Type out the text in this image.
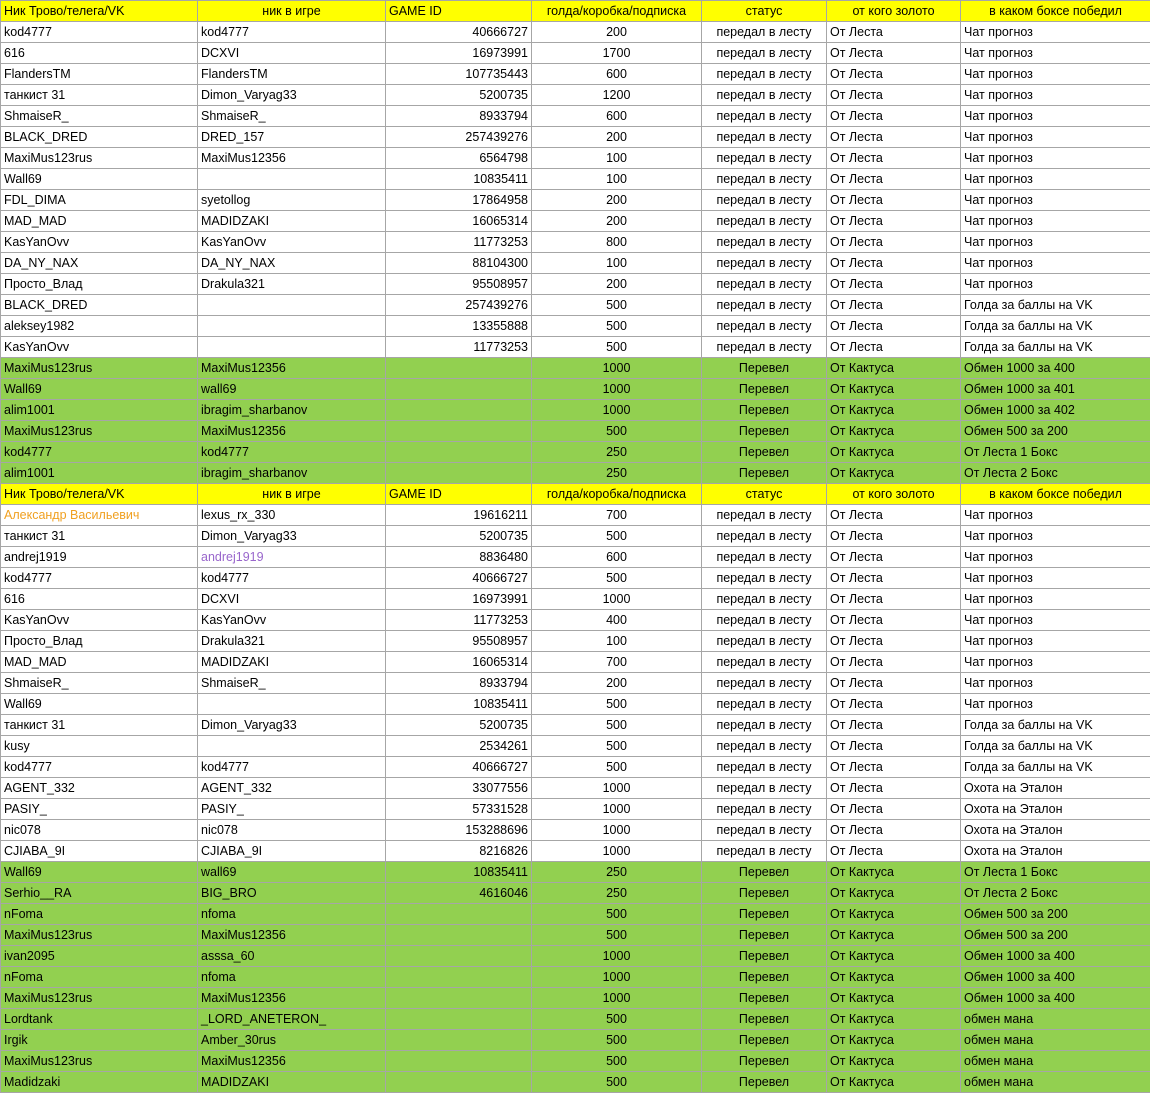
Ник Трово/телега/VK	ник в игре	GAME ID	голда/коробка/подписка	статус	от кого золото	в каком боксе победил
kod4777	kod4777	40666727	200	передал в лесту	От Леста	Чат прогноз
616	DCXVI	16973991	1700	передал в лесту	От Леста	Чат прогноз
FlandersTM	FlandersTM	107735443	600	передал в лесту	От Леста	Чат прогноз
танкист 31	Dimon_Varyag33	5200735	1200	передал в лесту	От Леста	Чат прогноз
ShmaiseR_	ShmaiseR_	8933794	600	передал в лесту	От Леста	Чат прогноз
BLACK_DRED	DRED_157	257439276	200	передал в лесту	От Леста	Чат прогноз
MaxiMus123rus	MaxiMus12356	6564798	100	передал в лесту	От Леста	Чат прогноз
Wall69		10835411	100	передал в лесту	От Леста	Чат прогноз
FDL_DIMA	syetollog	17864958	200	передал в лесту	От Леста	Чат прогноз
MAD_MAD	MADIDZAKI	16065314	200	передал в лесту	От Леста	Чат прогноз
KasYanOvv	KasYanOvv	11773253	800	передал в лесту	От Леста	Чат прогноз
DA_NY_NAX	DA_NY_NAX	88104300	100	передал в лесту	От Леста	Чат прогноз
Просто_Влад	Drakula321	95508957	200	передал в лесту	От Леста	Чат прогноз
BLACK_DRED		257439276	500	передал в лесту	От Леста	Голда за баллы на VK
aleksey1982		13355888	500	передал в лесту	От Леста	Голда за баллы на VK
KasYanOvv		11773253	500	передал в лесту	От Леста	Голда за баллы на VK
MaxiMus123rus	MaxiMus12356		1000	Перевел	От Кактуса	Обмен 1000 за 400
Wall69	wall69		1000	Перевел	От Кактуса	Обмен 1000 за 401
alim1001	ibragim_sharbanov		1000	Перевел	От Кактуса	Обмен 1000 за 402
MaxiMus123rus	MaxiMus12356		500	Перевел	От Кактуса	Обмен 500 за 200
kod4777	kod4777		250	Перевел	От Кактуса	От Леста 1 Бокс
alim1001	ibragim_sharbanov		250	Перевел	От Кактуса	От Леста 2 Бокс
Ник Трово/телега/VK	ник в игре	GAME ID	голда/коробка/подписка	статус	от кого золото	в каком боксе победил
Александр Васильевич	lexus_rx_330	19616211	700	передал в лесту	От Леста	Чат прогноз
танкист 31	Dimon_Varyag33	5200735	500	передал в лесту	От Леста	Чат прогноз
andrej1919	andrej1919	8836480	600	передал в лесту	От Леста	Чат прогноз
kod4777	kod4777	40666727	500	передал в лесту	От Леста	Чат прогноз
616	DCXVI	16973991	1000	передал в лесту	От Леста	Чат прогноз
KasYanOvv	KasYanOvv	11773253	400	передал в лесту	От Леста	Чат прогноз
Просто_Влад	Drakula321	95508957	100	передал в лесту	От Леста	Чат прогноз
MAD_MAD	MADIDZAKI	16065314	700	передал в лесту	От Леста	Чат прогноз
ShmaiseR_	ShmaiseR_	8933794	200	передал в лесту	От Леста	Чат прогноз
Wall69		10835411	500	передал в лесту	От Леста	Чат прогноз
танкист 31	Dimon_Varyag33	5200735	500	передал в лесту	От Леста	Голда за баллы на VK
kusy		2534261	500	передал в лесту	От Леста	Голда за баллы на VK
kod4777	kod4777	40666727	500	передал в лесту	От Леста	Голда за баллы на VK
AGENT_332	AGENT_332	33077556	1000	передал в лесту	От Леста	Охота на Эталон
PASIY_	PASIY_	57331528	1000	передал в лесту	От Леста	Охота на Эталон
nic078	nic078	153288696	1000	передал в лесту	От Леста	Охота на Эталон
CJIABA_9I	CJIABA_9I	8216826	1000	передал в лесту	От Леста	Охота на Эталон
Wall69	wall69	10835411	250	Перевел	От Кактуса	От Леста 1 Бокс
Serhio__RA	BIG_BRO	4616046	250	Перевел	От Кактуса	От Леста 2 Бокс
nFoma	nfoma		500	Перевел	От Кактуса	Обмен 500 за 200
MaxiMus123rus	MaxiMus12356		500	Перевел	От Кактуса	Обмен 500 за 200
ivan2095	asssa_60		1000	Перевел	От Кактуса	Обмен 1000 за 400
nFoma	nfoma		1000	Перевел	От Кактуса	Обмен 1000 за 400
MaxiMus123rus	MaxiMus12356		1000	Перевел	От Кактуса	Обмен 1000 за 400
Lordtank	_LORD_ANETERON_		500	Перевел	От Кактуса	обмен мана
Irgik	Amber_30rus		500	Перевел	От Кактуса	обмен мана
MaxiMus123rus	MaxiMus12356		500	Перевел	От Кактуса	обмен мана
Madidzaki	MADIDZAKI		500	Перевел	От Кактуса	обмен мана
